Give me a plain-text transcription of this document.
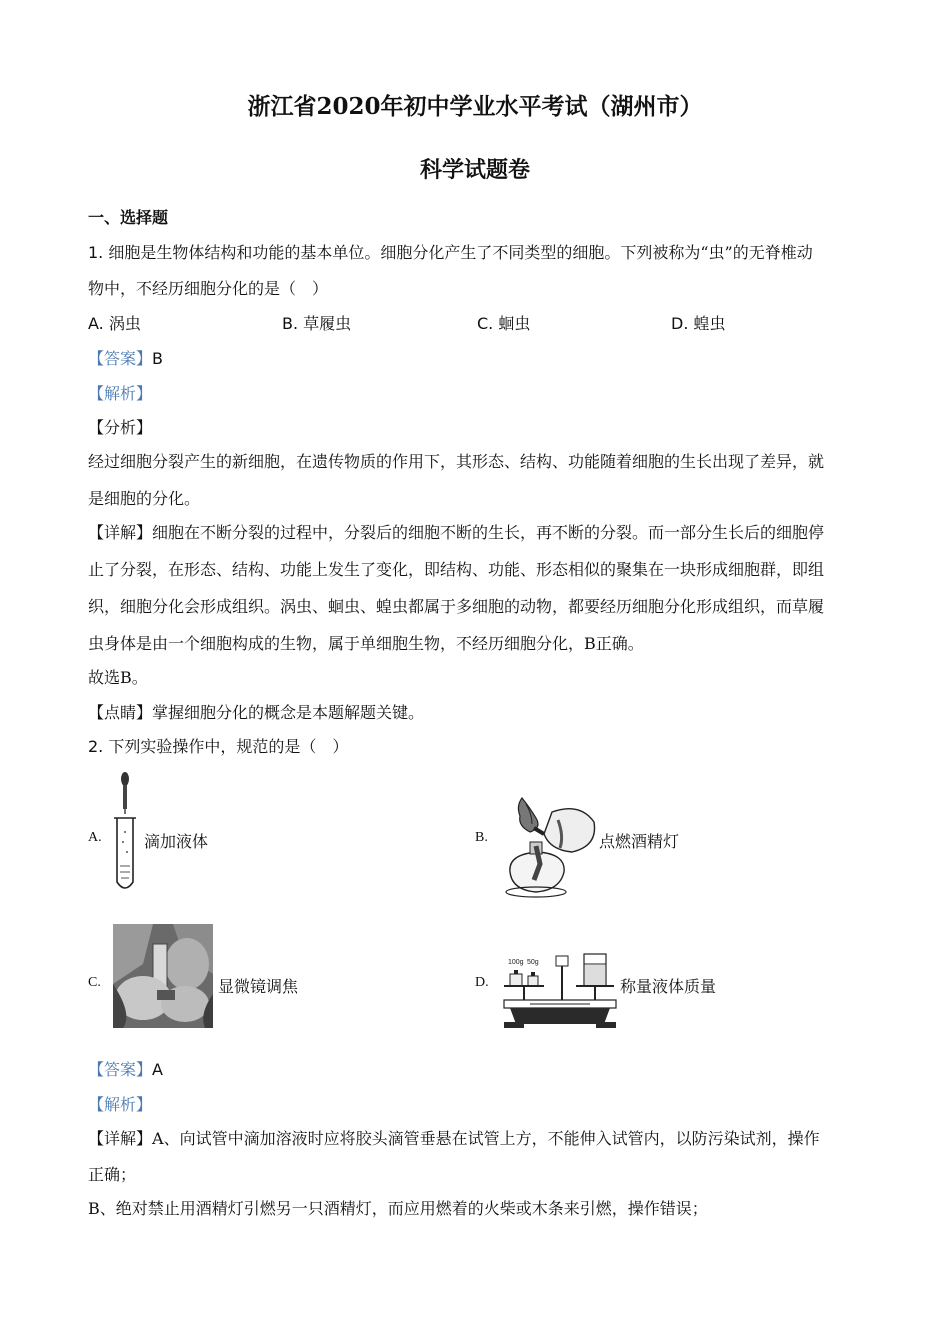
浙江省2020年初中学业水平考试（湖州市）
科学试题卷
一、选择题
1. 细胞是生物体结构和功能的基本单位。细胞分化产生了不同类型的细胞。下列被称为“虫”的无脊椎动
物中，不经历细胞分化的是（　）
A. 涡虫	B. 草履虫	C. 蛔虫	D. 蝗虫
【答案】B
【解析】
【分析】
经过细胞分裂产生的新细胞，在遗传物质的作用下，其形态、结构、功能随着细胞的生长出现了差异，就
是细胞的分化。
【详解】细胞在不断分裂的过程中，分裂后的细胞不断的生长，再不断的分裂。而一部分生长后的细胞停
止了分裂，在形态、结构、功能上发生了变化，即结构、功能、形态相似的聚集在一块形成细胞群，即组
织，细胞分化会形成组织。涡虫、蛔虫、蝗虫都属于多细胞的动物，都要经历细胞分化形成组织，而草履
虫身体是由一个细胞构成的生物，属于单细胞生物，不经历细胞分化，B正确。
故选B。
【点睛】掌握细胞分化的概念是本题解题关键。
2. 下列实验操作中，规范的是（　）
A.	滴加液体	B.	点燃酒精灯
C.	显微镜调焦	D.
100g 50g
称量液体质量
【答案】A
【解析】
【详解】A、向试管中滴加溶液时应将胶头滴管垂悬在试管上方，不能伸入试管内，以防污染试剂，操作
正确；
B、绝对禁止用酒精灯引燃另一只酒精灯，而应用燃着的火柴或木条来引燃，操作错误；
